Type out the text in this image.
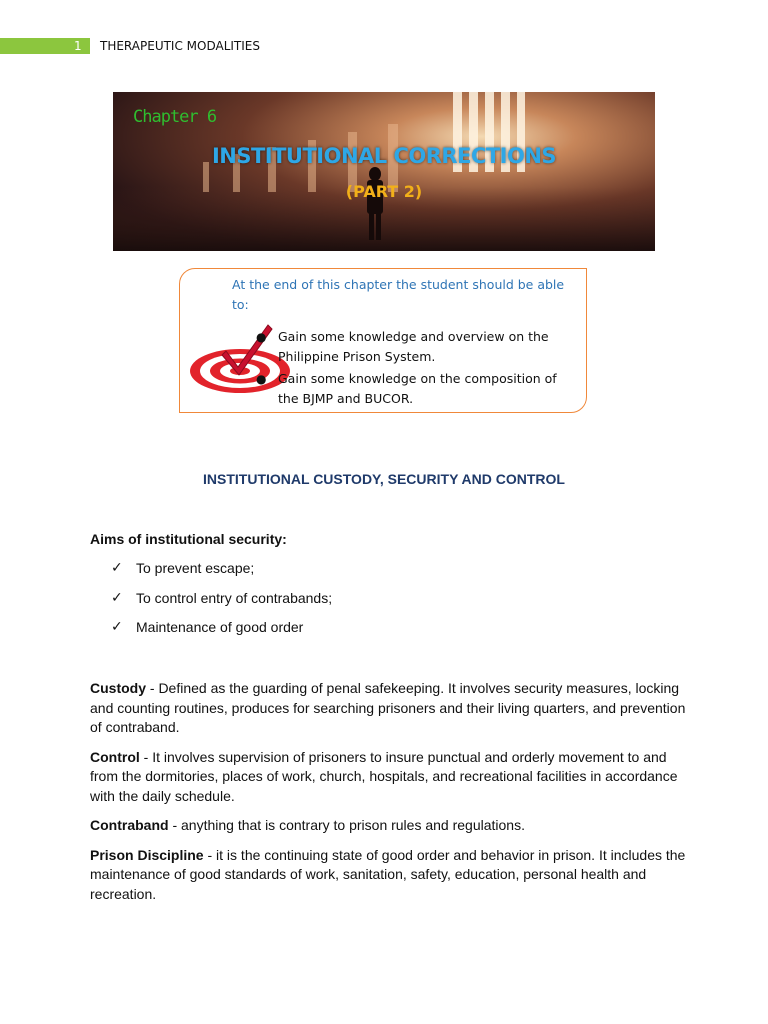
1 THERAPEUTIC MODALITIES
Chapter 6
INSTITUTIONAL CORRECTIONS
(PART 2)
At the end of this chapter the student should be able to:
● Gain some knowledge and overview on the Philippine Prison System.
● Gain some knowledge on the composition of the BJMP and BUCOR.
INSTITUTIONAL CUSTODY, SECURITY AND CONTROL
Aims of institutional security:
✓ To prevent escape;
✓ To control entry of contrabands;
✓ Maintenance of good order

Custody - Defined as the guarding of penal safekeeping. It involves security measures, locking and counting routines, produces for searching prisoners and their living quarters, and prevention of contraband.

Control - It involves supervision of prisoners to insure punctual and orderly movement to and from the dormitories, places of work, church, hospitals, and recreational facilities in accordance with the daily schedule.

Contraband - anything that is contrary to prison rules and regulations.

Prison Discipline - it is the continuing state of good order and behavior in prison. It includes the maintenance of good standards of work, sanitation, safety, education, personal health and recreation.
